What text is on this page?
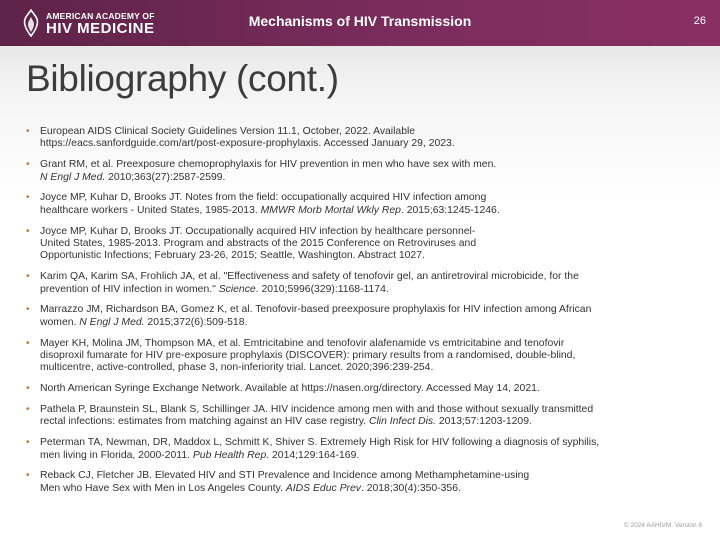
AMERICAN ACADEMY OF
HIV MEDICINE	Mechanisms of HIV Transmission	26
Bibliography (cont.)
• European AIDS Clinical Society Guidelines Version 11.1, October, 2022. Available
https://eacs.sanfordguide.com/art/post-exposure-prophylaxis. Accessed January 29, 2023.
• Grant RM, et al. Preexposure chemoprophylaxis for HIV prevention in men who have sex with men.
N Engl J Med. 2010;363(27):2587-2599.
• Joyce MP, Kuhar D, Brooks JT. Notes from the field: occupationally acquired HIV infection among
healthcare workers - United States, 1985-2013. MMWR Morb Mortal Wkly Rep. 2015;63:1245-1246.
• Joyce MP, Kuhar D, Brooks JT. Occupationally acquired HIV infection by healthcare personnel-
United States, 1985-2013. Program and abstracts of the 2015 Conference on Retroviruses and
Opportunistic Infections; February 23-26, 2015; Seattle, Washington. Abstract 1027.
• Karim QA, Karim SA, Frohlich JA, et al. "Effectiveness and safety of tenofovir gel, an antiretroviral microbicide, for the
prevention of HIV infection in women." Science. 2010;5996(329):1168-1174.
• Marrazzo JM, Richardson BA, Gomez K, et al. Tenofovir-based preexposure prophylaxis for HIV infection among African
women. N Engl J Med. 2015;372(6):509-518.
• Mayer KH, Molina JM, Thompson MA, et al. Emtricitabine and tenofovir alafenamide vs emtricitabine and tenofovir
disoproxil fumarate for HIV pre-exposure prophylaxis (DISCOVER): primary results from a randomised, double-blind,
multicentre, active-controlled, phase 3, non-inferiority trial. Lancet. 2020;396:239-254.
• North American Syringe Exchange Network. Available at https://nasen.org/directory. Accessed May 14, 2021.
• Pathela P, Braunstein SL, Blank S, Schillinger JA. HIV incidence among men with and those without sexually transmitted
rectal infections: estimates from matching against an HIV case registry. Clin Infect Dis. 2013;57:1203-1209.
• Peterman TA, Newman, DR, Maddox L, Schmitt K, Shiver S. Extremely High Risk for HIV following a diagnosis of syphilis,
men living in Florida, 2000-2011. Pub Health Rep. 2014;129:164-169.
• Reback CJ, Fletcher JB. Elevated HIV and STI Prevalence and Incidence among Methamphetamine-using
Men who Have Sex with Men in Los Angeles County. AIDS Educ Prev. 2018;30(4):350-356.
© 2024 AAHIVM. Version 8
